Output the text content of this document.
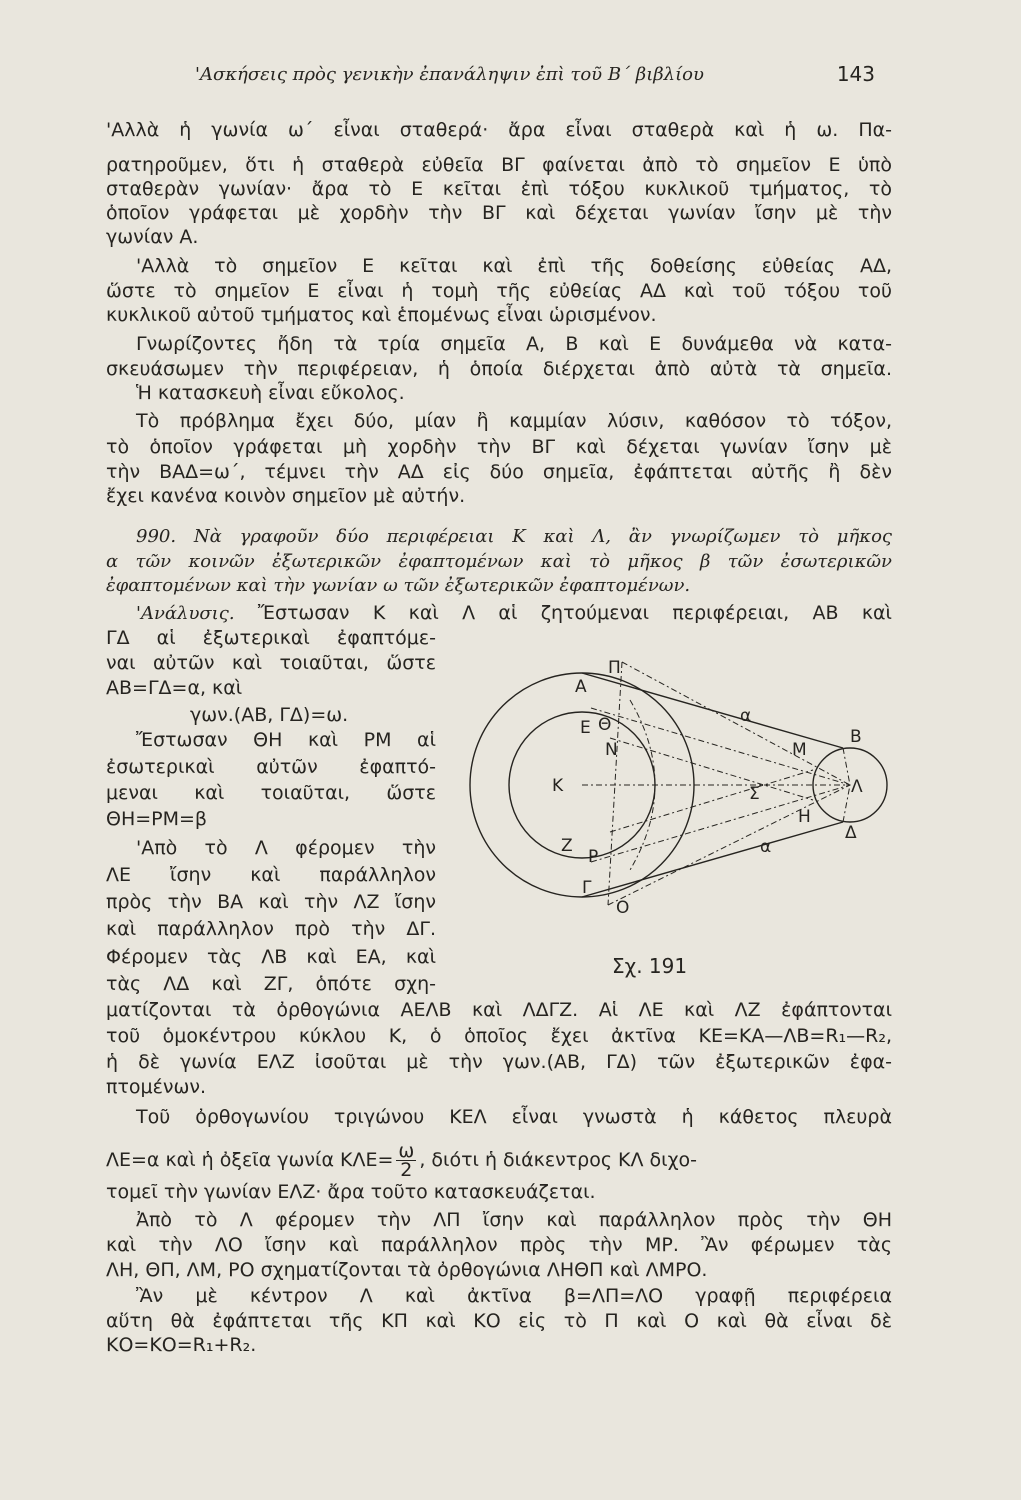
'Ασκήσεις πρὸς γενικὴν ἐπανάληψιν ἐπὶ τοῦ Β΄ βιβλίου	143
'Αλλὰ ἡ γωνία ω΄ εἶναι σταθερά· ἄρα εἶναι σταθερὰ καὶ ἡ ω. Πα-
ρατηροῦμεν, ὅτι ἡ σταθερὰ εὐθεῖα ΒΓ φαίνεται ἀπὸ τὸ σημεῖον Ε ὑπὸ
σταθερὰν γωνίαν· ἄρα τὸ Ε κεῖται ἐπὶ τόξου κυκλικοῦ τμήματος, τὸ
ὁποῖον γράφεται μὲ χορδὴν τὴν ΒΓ καὶ δέχεται γωνίαν ἴσην μὲ τὴν
γωνίαν Α.
'Αλλὰ τὸ σημεῖον Ε κεῖται καὶ ἐπὶ τῆς δοθείσης εὐθείας ΑΔ,
ὥστε τὸ σημεῖον Ε εἶναι ἡ τομὴ τῆς εὐθείας ΑΔ καὶ τοῦ τόξου τοῦ
κυκλικοῦ αὐτοῦ τμήματος καὶ ἑπομένως εἶναι ὡρισμένον.
Γνωρίζοντες ἤδη τὰ τρία σημεῖα Α, Β καὶ Ε δυνάμεθα νὰ κατα-
σκευάσωμεν τὴν περιφέρειαν, ἡ ὁποία διέρχεται ἀπὸ αὐτὰ τὰ σημεῖα.
Ἡ κατασκευὴ εἶναι εὔκολος.
Τὸ πρόβλημα ἔχει δύο, μίαν ἢ καμμίαν λύσιν, καθόσον τὸ τόξον,
τὸ ὁποῖον γράφεται μὴ χορδὴν τὴν ΒΓ καὶ δέχεται γωνίαν ἴσην μὲ
τὴν ΒΑΔ=ω΄, τέμνει τὴν ΑΔ εἰς δύο σημεῖα, ἐφάπτεται αὐτῆς ἢ δὲν
ἔχει κανένα κοινὸν σημεῖον μὲ αὐτήν.
990. Νὰ γραφοῦν δύο περιφέρειαι Κ καὶ Λ, ἂν γνωρίζωμεν τὸ μῆκος
α τῶν κοινῶν ἐξωτερικῶν ἐφαπτομένων καὶ τὸ μῆκος β τῶν ἐσωτερικῶν
ἐφαπτομένων καὶ τὴν γωνίαν ω τῶν ἐξωτερικῶν ἐφαπτομένων.
'Ανάλυσις. Ἔστωσαν Κ καὶ Λ αἱ ζητούμεναι περιφέρειαι, ΑΒ καὶ
ΓΔ αἱ ἐξωτερικαὶ ἐφαπτόμε-
ναι αὐτῶν καὶ τοιαῦται, ὥστε
ΑΒ=ΓΔ=α, καὶ
γων.(ΑΒ, ΓΔ)=ω.
Ἔστωσαν ΘΗ καὶ ΡΜ αἱ
ἐσωτερικαὶ αὐτῶν ἐφαπτό-
μεναι καὶ τοιαῦται, ὥστε
ΘΗ=ΡΜ=β
'Απὸ τὸ Λ φέρομεν τὴν
ΛΕ ἴσην καὶ παράλληλον
πρὸς τὴν ΒΑ καὶ τὴν ΛΖ ἴσην
καὶ παράλληλον πρὸ τὴν ΔΓ.
Φέρομεν τὰς ΛΒ καὶ ΕΑ, καὶ
τὰς ΛΔ καὶ ΖΓ, ὁπότε σχη-
ματίζονται τὰ ὀρθογώνια ΑΕΛΒ καὶ ΛΔΓΖ. Αἱ ΛΕ καὶ ΛΖ ἐφάπτονται
τοῦ ὁμοκέντρου κύκλου Κ, ὁ ὁποῖος ἔχει ἀκτῖνα ΚΕ=ΚΑ—ΛΒ=R₁—R₂,
ἡ δὲ γωνία ΕΛΖ ἰσοῦται μὲ τὴν γων.(ΑΒ, ΓΔ) τῶν ἐξωτερικῶν ἐφα-
πτομένων.
Τοῦ ὀρθογωνίου τριγώνου ΚΕΛ εἶναι γνωστὰ ἡ κάθετος πλευρὰ
ΛΕ=α καὶ ἡ ὀξεῖα γωνία $K\Lambda E= \frac{\omega}{2}$ , διότι ἡ διάκεντρος ΚΛ διχο-
τομεῖ τὴν γωνίαν ΕΛΖ· ἄρα τοῦτο κατασκευάζεται.
Ἀπὸ τὸ Λ φέρομεν τὴν ΛΠ ἴσην καὶ παράλληλον πρὸς τὴν ΘΗ
καὶ τὴν ΛΟ ἴσην καὶ παράλληλον πρὸς τὴν ΜΡ. Ἂν φέρωμεν τὰς
ΛΗ, ΘΠ, ΛΜ, ΡΟ σχηματίζονται τὰ ὀρθογώνια ΛΗΘΠ καὶ ΛΜΡΟ.
Ἂν μὲ κέντρον Λ καὶ ἀκτῖνα β=ΛΠ=ΛΟ γραφῇ περιφέρεια
αὕτη θὰ ἐφάπτεται τῆς ΚΠ καὶ ΚΟ εἰς τὸ Π καὶ Ο καὶ θὰ εἶναι δὲ
ΚΟ=ΚΟ=R₁+R₂.
Π
Α
α
Β
Ε Θ
Ν	Μ
Κ	Σ	Λ
Η
Ζ
Ρ	α
Δ
Γ
Ο
Σχ. 191
